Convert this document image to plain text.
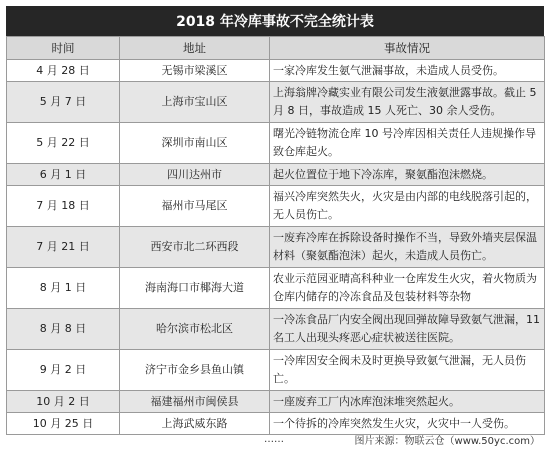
2018 年冷库事故不完全统计表
时间	地址	事故情况
4 月 28 日	无锡市梁溪区	一家冷库发生氨气泄漏事故，未造成人员受伤。
5 月 7 日	上海市宝山区	上海翁牌冷藏实业有限公司发生液氨泄露事故。截止 5 月 8 日，事故造成 15 人死亡、30 余人受伤。
5 月 22 日	深圳市南山区	曙光冷链物流仓库 10 号冷库因相关责任人违规操作导致仓库起火。
6 月 1 日	四川达州市	起火位置位于地下冷冻库，聚氨酯泡沫燃烧。
7 月 18 日	福州市马尾区	福兴冷库突然失火，火灾是由内部的电线脱落引起的，无人员伤亡。
7 月 21 日	西安市北二环西段	一废弃冷库在拆除设备时操作不当，导致外墙夹层保温材料（聚氨酯泡沫）起火，未造成人员伤亡。
8 月 1 日	海南海口市椰海大道	农业示范园亚晴高科种业一仓库发生火灾，着火物质为仓库内储存的冷冻食品及包装材料等杂物
8 月 8 日	哈尔滨市松北区	一冷冻食品厂内安全阀出现回弹故障导致氨气泄漏，11 名工人出现头疼恶心症状被送往医院。
9 月 2 日	济宁市金乡县鱼山镇	一冷库因安全阀未及时更换导致氨气泄漏，无人员伤亡。
10 月 2 日	福建福州市闽侯县	一座废弃工厂内冰库泡沫堆突然起火。
10 月 25 日	上海武威东路	一个待拆的冷库突然发生火灾，火灾中一人受伤。
……	图片来源：物联云仓（www.50yc.com）
